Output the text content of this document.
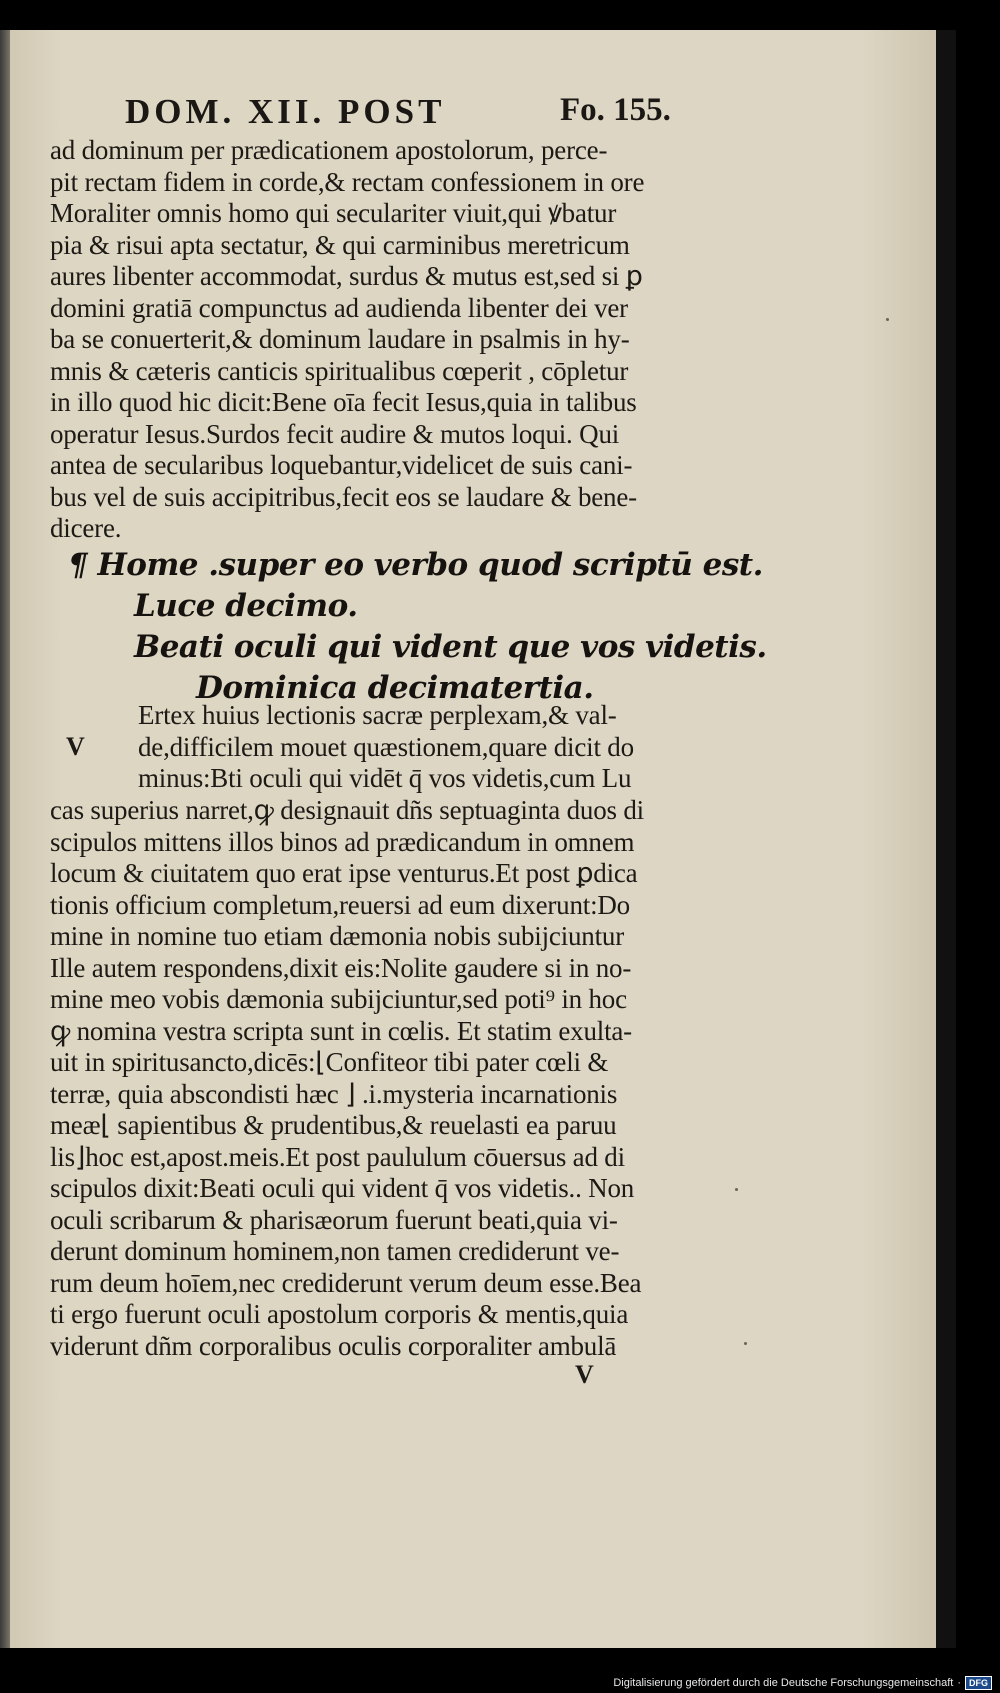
DOM. XII. POST	Fo. 155.
ad dominum per prædicationem apostolorum, perce-
pit rectam fidem in corde,& rectam confessionem in ore
Moraliter omnis homo qui seculariter viuit,qui ꝟbatur
pia & risui apta sectatur, & qui carminibus meretricum
aures libenter accommodat, surdus & mutus est,sed si ꝑ
domini gratiā compunctus ad audienda libenter dei ver
ba se conuerterit,& dominum laudare in psalmis in hy-
mnis & cæteris canticis spiritualibus cœperit , cōpletur
in illo quod hic dicit:Bene oīa fecit Iesus,quia in talibus
operatur Iesus.Surdos fecit audire & mutos loqui. Qui
antea de secularibus loquebantur,videlicet de suis cani-
bus vel de suis accipitribus,fecit eos se laudare & bene-
dicere.
¶ Home .super eo verbo quod scriptū est.
Luce decimo.
Beati oculi qui vident que vos videtis.
Dominica decimatertia.
Ertex huius lectionis sacræ perplexam,& val-
de,difficilem mouet quæstionem,quare dicit do
minus:Bti oculi qui vidēt q̄ vos videtis,cum Lu
V
cas superius narret,ꝙ designauit dñs septuaginta duos di
scipulos mittens illos binos ad prædicandum in omnem
locum & ciuitatem quo erat ipse venturus.Et post ꝑdica
tionis officium completum,reuersi ad eum dixerunt:Do
mine in nomine tuo etiam dæmonia nobis subijciuntur
Ille autem respondens,dixit eis:Nolite gaudere si in no-
mine meo vobis dæmonia subijciuntur,sed poti⁹ in hoc
ꝙ nomina vestra scripta sunt in cœlis. Et statim exulta-
uit in spiritusancto,dicēs:⌊Confiteor tibi pater cœli &
terræ, quia abscondisti hæc ⌋ .i.mysteria incarnationis
meæ⌊ sapientibus & prudentibus,& reuelasti ea paruu
lis⌋hoc est,apost.meis.Et post paululum cōuersus ad di
scipulos dixit:Beati oculi qui vident q̄ vos videtis.. Non
oculi scribarum & pharisæorum fuerunt beati,quia vi-
derunt dominum hominem,non tamen crediderunt ve-
rum deum hoīem,nec crediderunt verum deum esse.Bea
ti ergo fuerunt oculi apostolum corporis & mentis,quia
viderunt dñm corporalibus oculis corporaliter ambulā
V
Digitalisierung gefördert durch die Deutsche Forschungsgemeinschaft · DFG
